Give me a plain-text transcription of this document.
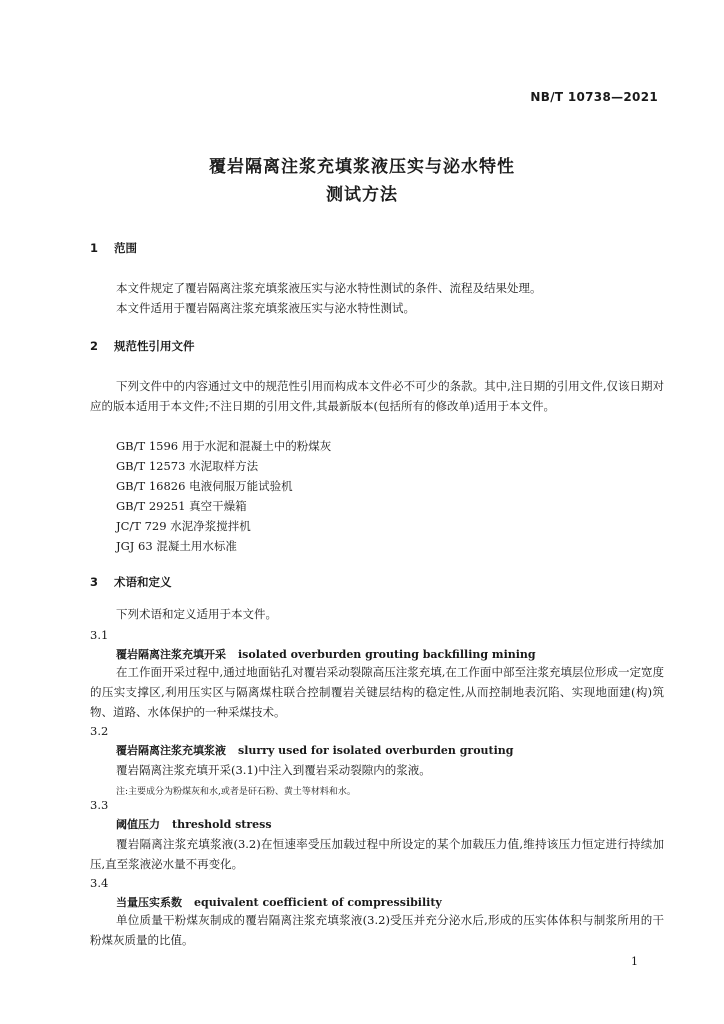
NB/T 10738—2021
覆岩隔离注浆充填浆液压实与泌水特性
测试方法
1 范围
本文件规定了覆岩隔离注浆充填浆液压实与泌水特性测试的条件、流程及结果处理。
本文件适用于覆岩隔离注浆充填浆液压实与泌水特性测试。
2 规范性引用文件
下列文件中的内容通过文中的规范性引用而构成本文件必不可少的条款。其中,注日期的引用文件,仅该日期对应的版本适用于本文件;不注日期的引用文件,其最新版本(包括所有的修改单)适用于本文件。
GB/T 1596 用于水泥和混凝土中的粉煤灰
GB/T 12573 水泥取样方法
GB/T 16826 电液伺服万能试验机
GB/T 29251 真空干燥箱
JC/T 729 水泥净浆搅拌机
JGJ 63 混凝土用水标准
3 术语和定义
下列术语和定义适用于本文件。
3.1
覆岩隔离注浆充填开采 isolated overburden grouting backfilling mining
在工作面开采过程中,通过地面钻孔对覆岩采动裂隙高压注浆充填,在工作面中部至注浆充填层位形成一定宽度的压实支撑区,利用压实区与隔离煤柱联合控制覆岩关键层结构的稳定性,从而控制地表沉陷、实现地面建(构)筑物、道路、水体保护的一种采煤技术。
3.2
覆岩隔离注浆充填浆液 slurry used for isolated overburden grouting
覆岩隔离注浆充填开采(3.1)中注入到覆岩采动裂隙内的浆液。
注:主要成分为粉煤灰和水,或者是矸石粉、黄土等材料和水。
3.3
阈值压力 threshold stress
覆岩隔离注浆充填浆液(3.2)在恒速率受压加载过程中所设定的某个加载压力值,维持该压力恒定进行持续加压,直至浆液泌水量不再变化。
3.4
当量压实系数 equivalent coefficient of compressibility
单位质量干粉煤灰制成的覆岩隔离注浆充填浆液(3.2)受压并充分泌水后,形成的压实体体积与制浆所用的干粉煤灰质量的比值。
1
